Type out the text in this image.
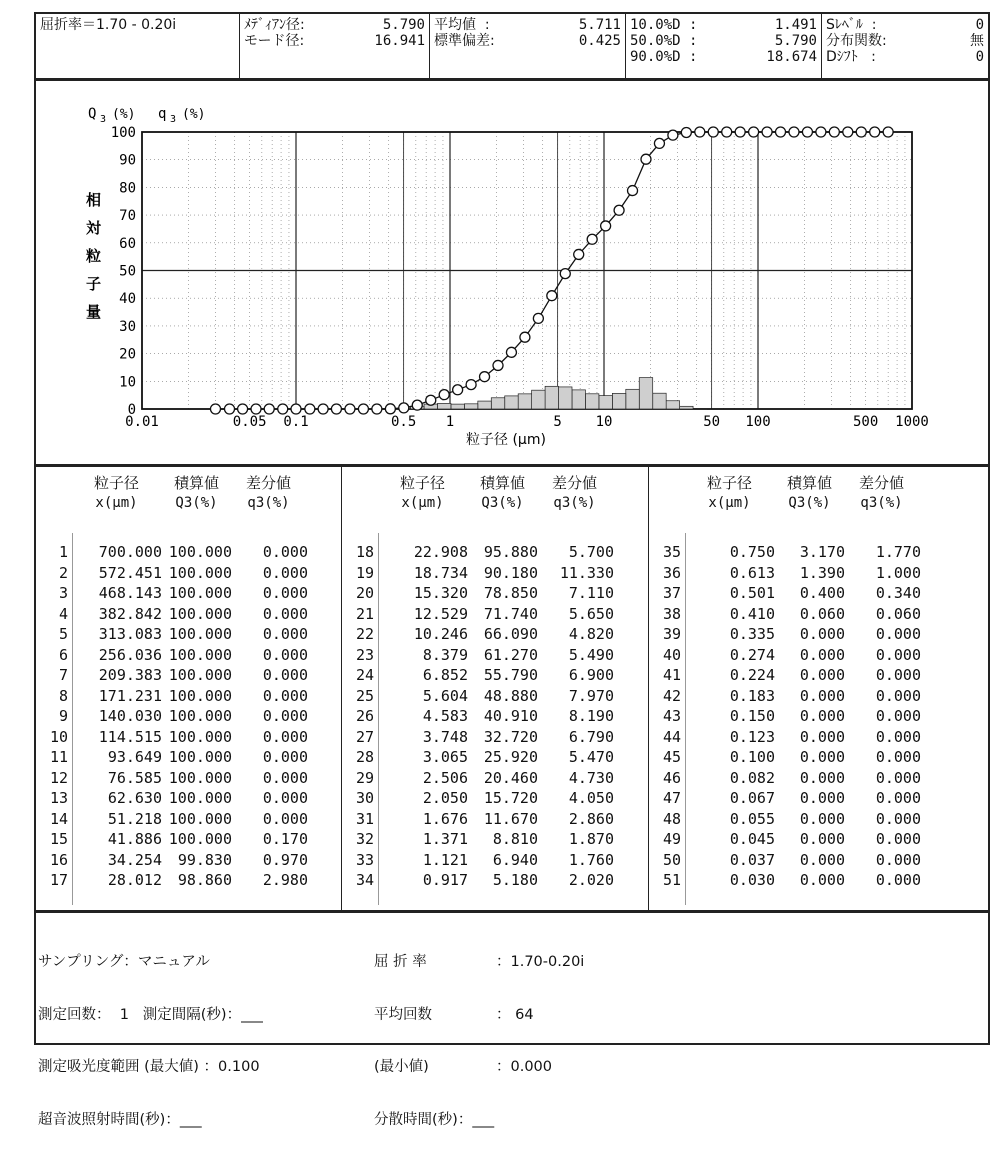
屈折率＝1.70 - 0.20i	ﾒﾃﾞｨｱﾝ径:	5.790
モード径:	16.941
平均値  :	5.711
標準偏差:	0.425
10.0%D :	1.491
50.0%D :	5.790
90.0%D :	18.674
Sﾚﾍﾞﾙ  :	0
分布関数:	無
Dｼﾌﾄ   :	0
0
10
20
30
40
50
60
70
80
90
100
0.01	0.05 0.1	0.5 1	5 10	50 100	500 1000
Q 3 (%) q 3 (%)
相
対
粒
子
量
粒子径 (μm)
粒子径
x(μm)
積算値
Q3(%)
差分値
q3(%)
1	700.000 100.000	0.000
2	572.451 100.000	0.000
3	468.143 100.000	0.000
4	382.842 100.000	0.000
5	313.083 100.000	0.000
6	256.036 100.000	0.000
7	209.383 100.000	0.000
8	171.231 100.000	0.000
9	140.030 100.000	0.000
10	114.515 100.000	0.000
11	93.649 100.000	0.000
12	76.585 100.000	0.000
13	62.630 100.000	0.000
14	51.218 100.000	0.000
15	41.886 100.000	0.170
16	34.254	99.830	0.970
17	28.012	98.860	2.980
粒子径
x(μm)
積算値
Q3(%)
差分値
q3(%)
18	22.908	95.880	5.700
19	18.734	90.180	11.330
20	15.320	78.850	7.110
21	12.529	71.740	5.650
22	10.246	66.090	4.820
23	8.379	61.270	5.490
24	6.852	55.790	6.900
25	5.604	48.880	7.970
26	4.583	40.910	8.190
27	3.748	32.720	6.790
28	3.065	25.920	5.470
29	2.506	20.460	4.730
30	2.050	15.720	4.050
31	1.676	11.670	2.860
32	1.371	8.810	1.870
33	1.121	6.940	1.760
34	0.917	5.180	2.020
粒子径
x(μm)
積算値
Q3(%)
差分値
q3(%)
35	0.750	3.170	1.770
36	0.613	1.390	1.000
37	0.501	0.400	0.340
38	0.410	0.060	0.060
39	0.335	0.000	0.000
40	0.274	0.000	0.000
41	0.224	0.000	0.000
42	0.183	0.000	0.000
43	0.150	0.000	0.000
44	0.123	0.000	0.000
45	0.100	0.000	0.000
46	0.082	0.000	0.000
47	0.067	0.000	0.000
48	0.055	0.000	0.000
49	0.045	0.000	0.000
50	0.037	0.000	0.000
51	0.030	0.000	0.000

サンプリング：マニュアル

測定回数：  1   測定間隔(秒)：___

測定吸光度範囲 (最大値) ：0.100

超音波照射時間(秒)：___

屈 折 率	：1.70-0.20i

平均回数	： 64

(最小値)	：0.000

分散時間(秒)：___
